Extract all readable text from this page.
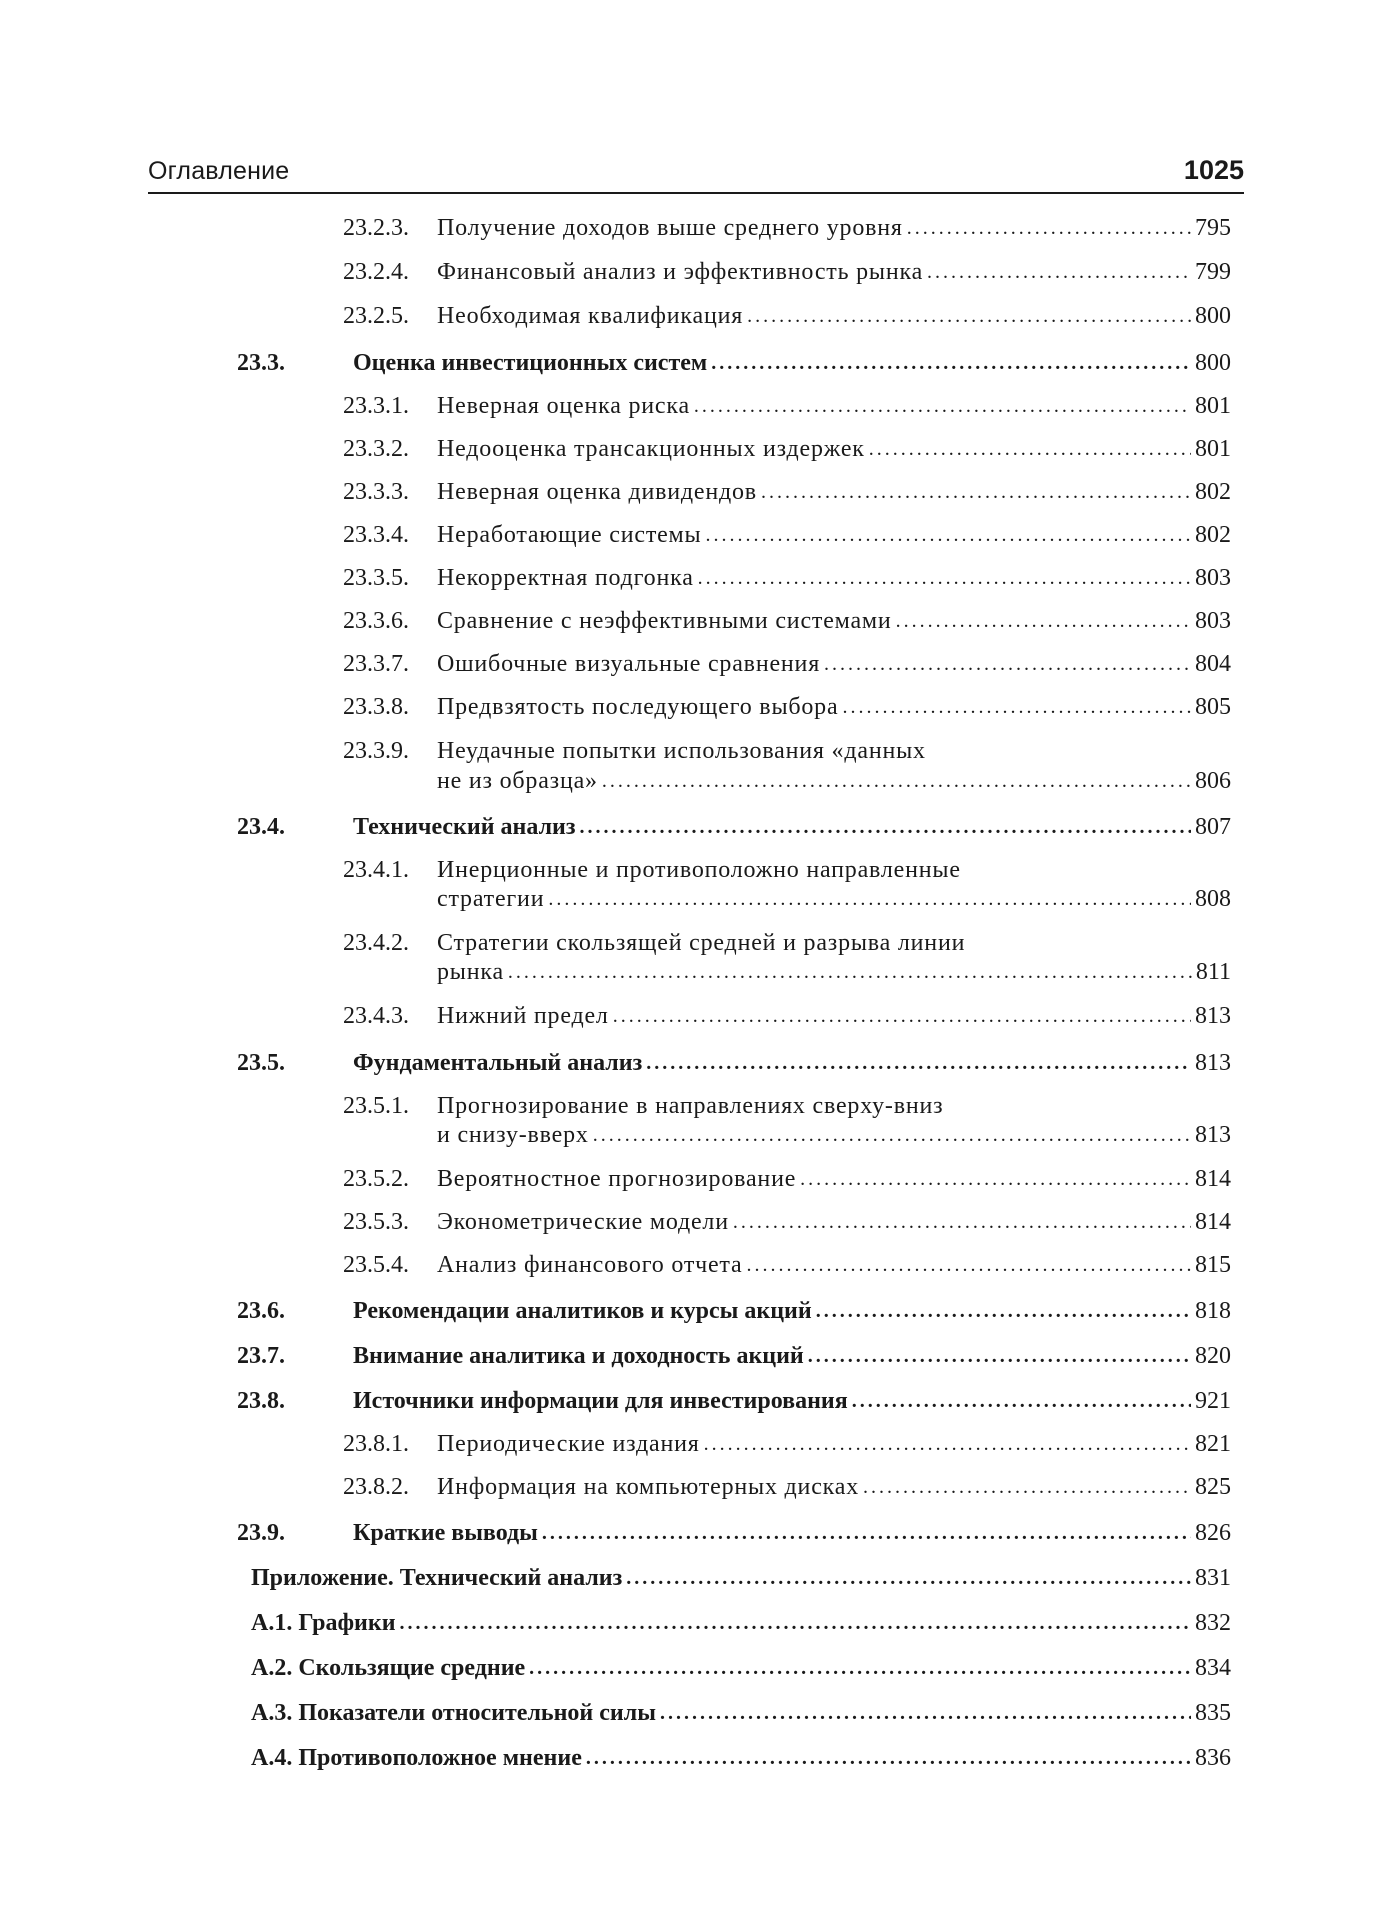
Оглавление	1025
23.2.3.	Получение доходов выше среднего уровня . . .	795
23.2.4.	Финансовый анализ и эффективность рынка . . .	799
23.2.5.	Необходимая квалификация . . .	800
23.3.	Оценка инвестиционных систем . . .	800
23.3.1.	Неверная оценка риска . . .	801
23.3.2.	Недооценка трансакционных издержек . . .	801
23.3.3.	Неверная оценка дивидендов . . .	802
23.3.4.	Неработающие системы . . .	802
23.3.5.	Некорректная подгонка . . .	803
23.3.6.	Сравнение с неэффективными системами . . .	803
23.3.7.	Ошибочные визуальные сравнения . . .	804
23.3.8.	Предвзятость последующего выбора . . .	805
23.3.9. Неудачные попытки использования «данных
не из образца» . . .	806
23.4.	Технический анализ . . .	807
23.4.1. Инерционные и противоположно направленные
стратегии . . .	808
23.4.2. Стратегии скользящей средней и разрыва линии
рынка . . .	811
23.4.3.	Нижний предел . . .	813
23.5.	Фундаментальный анализ . . .	813
23.5.1. Прогнозирование в направлениях сверху-вниз
и снизу-вверх . . .	813
23.5.2.	Вероятностное прогнозирование . . .	814
23.5.3.	Эконометрические модели . . .	814
23.5.4.	Анализ финансового отчета . . .	815
23.6.	Рекомендации аналитиков и курсы акций . . .	818
23.7.	Внимание аналитика и доходность акций . . .	820
23.8.	Источники информации для инвестирования . . .	921
23.8.1.	Периодические издания . . .	821
23.8.2.	Информация на компьютерных дисках . . .	825
23.9.	Краткие выводы . . .	826
Приложение. Технический анализ . . .	831
А.1. Графики . . .	832
А.2. Скользящие средние . . .	834
А.3. Показатели относительной силы . . .	835
А.4. Противоположное мнение . . .	836
